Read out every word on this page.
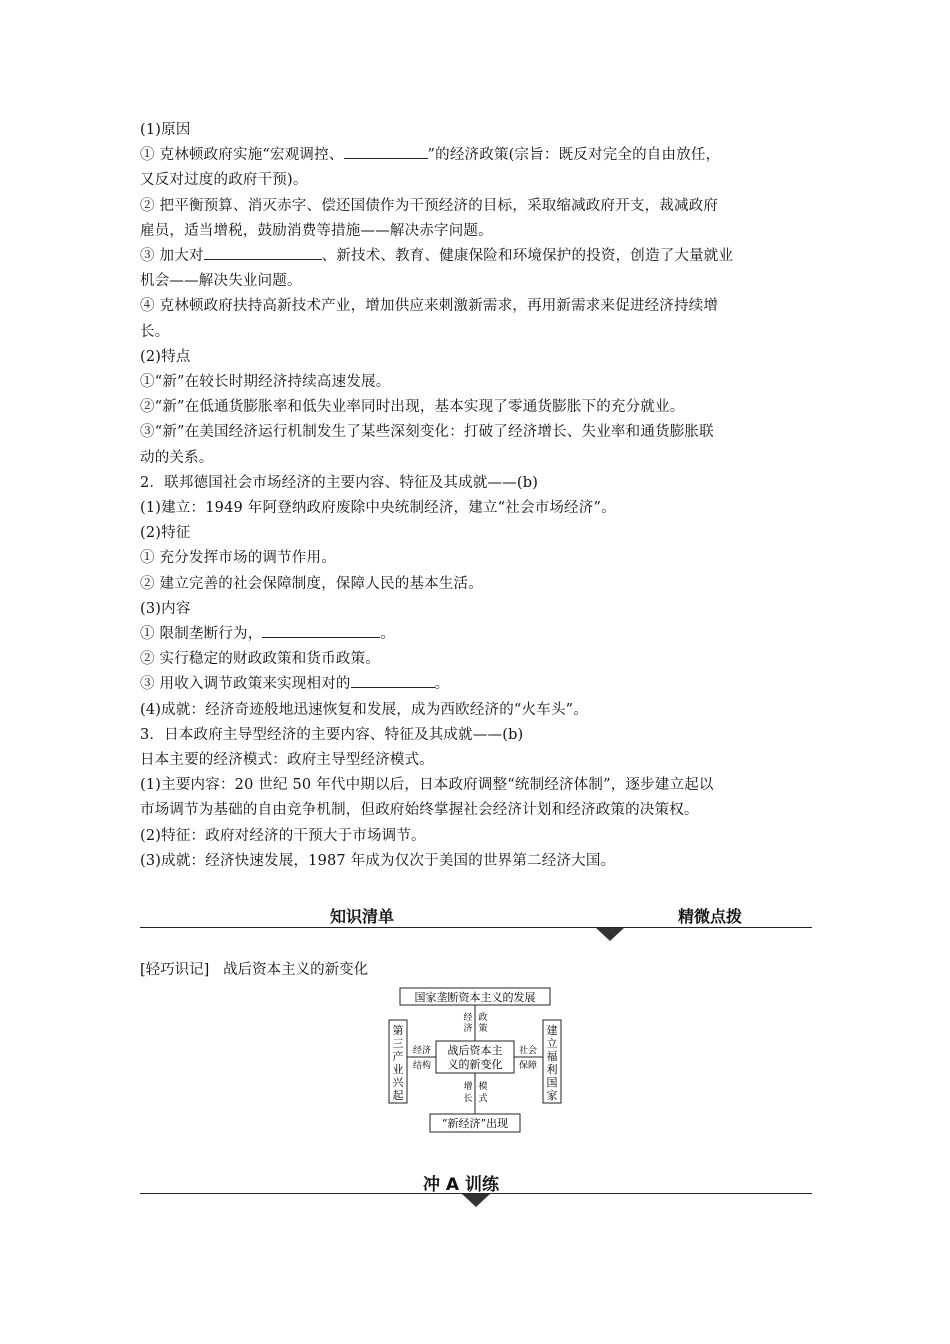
(1)原因
① 克林顿政府实施“宏观调控、	”的经济政策(宗旨：既反对完全的自由放任，
又反对过度的政府干预)。
② 把平衡预算、消灭赤字、偿还国债作为干预经济的目标，采取缩减政府开支，裁减政府
雇员，适当增税，鼓励消费等措施——解决赤字问题。
③ 加大对	、新技术、教育、健康保险和环境保护的投资，创造了大量就业
机会——解决失业问题。
④ 克林顿政府扶持高新技术产业，增加供应来刺激新需求，再用新需求来促进经济持续增
长。
(2)特点
①“新”在较长时期经济持续高速发展。
②“新”在低通货膨胀率和低失业率同时出现，基本实现了零通货膨胀下的充分就业。
③“新”在美国经济运行机制发生了某些深刻变化：打破了经济增长、失业率和通货膨胀联
动的关系。
2．联邦德国社会市场经济的主要内容、特征及其成就——(b)
(1)建立：1949 年阿登纳政府废除中央统制经济，建立“社会市场经济”。
(2)特征
① 充分发挥市场的调节作用。
② 建立完善的社会保障制度，保障人民的基本生活。
(3)内容
① 限制垄断行为，	。
② 实行稳定的财政政策和货币政策。
③ 用收入调节政策来实现相对的	。
(4)成就：经济奇迹般地迅速恢复和发展，成为西欧经济的“火车头”。
3．日本政府主导型经济的主要内容、特征及其成就——(b)
日本主要的经济模式：政府主导型经济模式。
(1)主要内容：20 世纪 50 年代中期以后，日本政府调整“统制经济体制”，逐步建立起以
市场调节为基础的自由竞争机制，但政府始终掌握社会经济计划和经济政策的决策权。
(2)特征：政府对经济的干预大于市场调节。
(3)成就：经济快速发展，1987 年成为仅次于美国的世界第二经济大国。
知识清单	精微点拨
[轻巧识记] 战后资本主义的新变化
国家垄断资本主义的发展
“新经济”出现
战后资本主
义的新变化
第
三
产
业
兴
起
建
立
福
利
国
家
经
济
政
策
经济
结构
社会
保障
增
长
模
式
冲 A 训练
